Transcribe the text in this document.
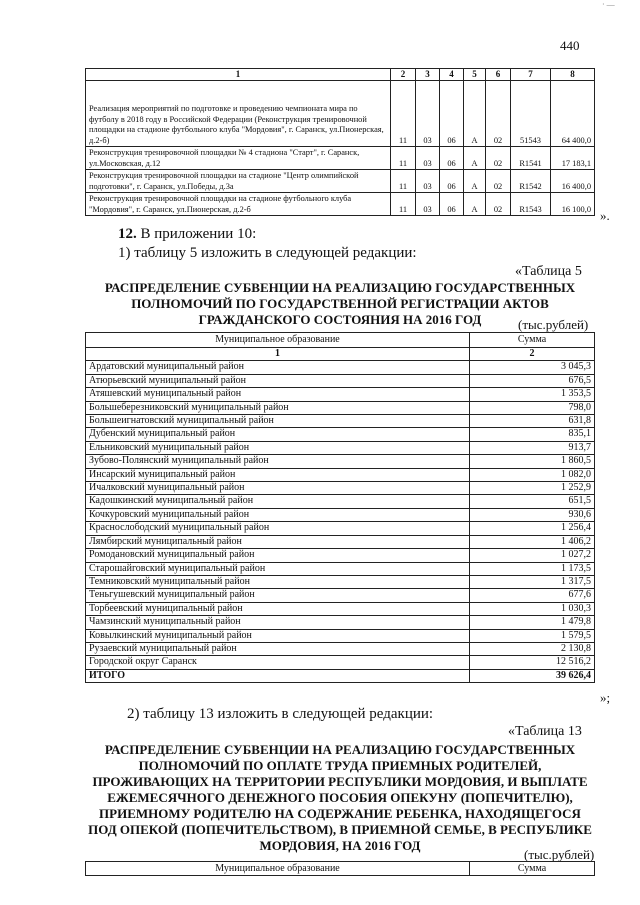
· —
440
1	2	3	4	5	6	7	8
Реализация мероприятий по подготовке и проведению чемпионата мира по футболу в 2018 году в Российской Федерации (Реконструкция тренировочной площадки на стадионе футбольного клуба "Мордовия", г. Саранск, ул.Пионерская, д.2-б)	11	03	06	А	02	51543	64 400,0
Реконструкция тренировочной площадки № 4 стадиона "Старт", г. Саранск, ул.Московская, д.12	11	03	06	А	02	R1541	17 183,1
Реконструкция тренировочной площадки на стадионе "Центр олимпийской подготовки", г. Саранск, ул.Победы, д.3а	11	03	06	А	02	R1542	16 400,0
Реконструкция тренировочной площадки на стадионе футбольного клуба "Мордовия", г. Саранск, ул.Пионерская, д.2-б	11	03	06	А	02	R1543	16 100,0 ».
12. В приложении 10:
1) таблицу 5 изложить в следующей редакции:
«Таблица 5
РАСПРЕДЕЛЕНИЕ СУБВЕНЦИИ НА РЕАЛИЗАЦИЮ ГОСУДАРСТВЕННЫХ
ПОЛНОМОЧИЙ ПО ГОСУДАРСТВЕННОЙ РЕГИСТРАЦИИ АКТОВ
ГРАЖДАНСКОГО СОСТОЯНИЯ НА 2016 ГОД	(тыс.рублей)
Муниципальное образование	Сумма
1	2
Ардатовский муниципальный район	3 045,3
Атюрьевский муниципальный район	676,5
Атяшевский муниципальный район	1 353,5
Большеберезниковский муниципальный район	798,0
Большеигнатовский муниципальный район	631,8
Дубенский муниципальный район	835,1
Ельниковский муниципальный район	913,7
Зубово-Полянский муниципальный район	1 860,5
Инсарский муниципальный район	1 082,0
Ичалковский муниципальный район	1 252,9
Кадошкинский муниципальный район	651,5
Кочкуровский муниципальный район	930,6
Краснослободский муниципальный район	1 256,4
Лямбирский муниципальный район	1 406,2
Ромодановский муниципальный район	1 027,2
Старошайговский муниципальный район	1 173,5
Темниковский муниципальный район	1 317,5
Теньгушевский муниципальный район	677,6
Торбеевский муниципальный район	1 030,3
Чамзинский муниципальный район	1 479,8
Ковылкинский муниципальный район	1 579,5
Рузаевский муниципальный район	2 130,8
Городской округ Саранск	12 516,2
ИТОГО	39 626,4
»;
2) таблицу 13 изложить в следующей редакции:
«Таблица 13
РАСПРЕДЕЛЕНИЕ СУБВЕНЦИИ НА РЕАЛИЗАЦИЮ ГОСУДАРСТВЕННЫХ
ПОЛНОМОЧИЙ ПО ОПЛАТЕ ТРУДА ПРИЕМНЫХ РОДИТЕЛЕЙ,
ПРОЖИВАЮЩИХ НА ТЕРРИТОРИИ РЕСПУБЛИКИ МОРДОВИЯ, И ВЫПЛАТЕ
ЕЖЕМЕСЯЧНОГО ДЕНЕЖНОГО ПОСОБИЯ ОПЕКУНУ (ПОПЕЧИТЕЛЮ),
ПРИЕМНОМУ РОДИТЕЛЮ НА СОДЕРЖАНИЕ РЕБЕНКА, НАХОДЯЩЕГОСЯ
ПОД ОПЕКОЙ (ПОПЕЧИТЕЛЬСТВОМ), В ПРИЕМНОЙ СЕМЬЕ, В РЕСПУБЛИКЕ
МОРДОВИЯ, НА 2016 ГОД
(тыс.рублей)
Муниципальное образование	Сумма
